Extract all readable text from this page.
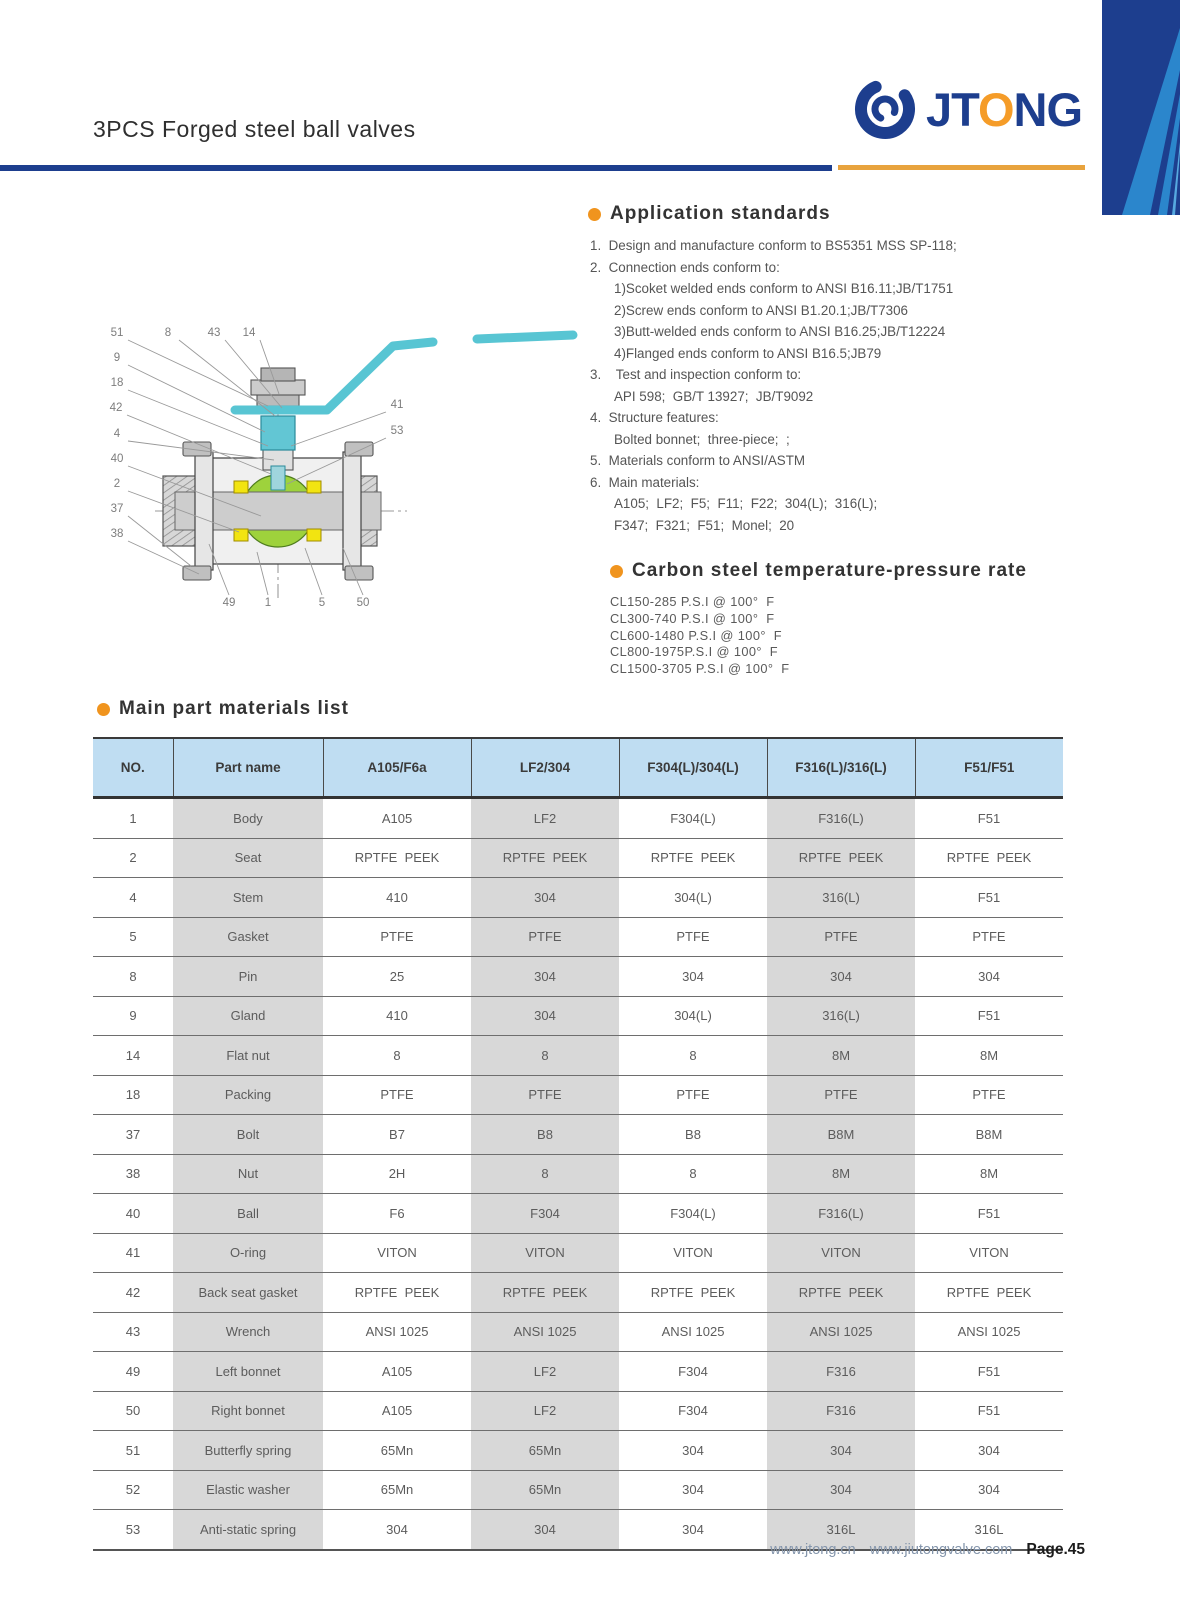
3PCS Forged steel ball valves	JTONG
51	8	43 14
9
18
42
4
40
2
37
38
41
53
49	1	5	50
Application standards
1.  Design and manufacture conform to BS5351 MSS SP-118;
2.  Connection ends conform to:
1)Scoket welded ends conform to ANSI B16.11;JB/T1751
2)Screw ends conform to ANSI B1.20.1;JB/T7306
3)Butt-welded ends conform to ANSI B16.25;JB/T12224
4)Flanged ends conform to ANSI B16.5;JB79
3.    Test and inspection conform to:
API 598;  GB/T 13927;  JB/T9092
4.  Structure features:
Bolted bonnet;  three-piece;  ;
5.  Materials conform to ANSI/ASTM
6.  Main materials:
A105;  LF2;  F5;  F11;  F22;  304(L);  316(L);
F347;  F321;  F51;  Monel;  20
Carbon steel temperature-pressure rate
CL150-285 P.S.I @ 100°  F
CL300-740 P.S.I @ 100°  F
CL600-1480 P.S.I @ 100°  F
CL800-1975P.S.I @ 100°  F
CL1500-3705 P.S.I @ 100°  F
Main part materials list
NO.	Part name	A105/F6a	LF2/304	F304(L)/304(L)	F316(L)/316(L)	F51/F51
1	Body	A105	LF2	F304(L)	F316(L)	F51
2	Seat	RPTFE  PEEK	RPTFE  PEEK	RPTFE  PEEK	RPTFE  PEEK	RPTFE  PEEK
4	Stem	410	304	304(L)	316(L)	F51
5	Gasket	PTFE	PTFE	PTFE	PTFE	PTFE
8	Pin	25	304	304	304	304
9	Gland	410	304	304(L)	316(L)	F51
14	Flat nut	8	8	8	8M	8M
18	Packing	PTFE	PTFE	PTFE	PTFE	PTFE
37	Bolt	B7	B8	B8	B8M	B8M
38	Nut	2H	8	8	8M	8M
40	Ball	F6	F304	F304(L)	F316(L)	F51
41	O-ring	VITON	VITON	VITON	VITON	VITON
42	Back seat gasket	RPTFE  PEEK	RPTFE  PEEK	RPTFE  PEEK	RPTFE  PEEK	RPTFE  PEEK
43	Wrench	ANSI 1025	ANSI 1025	ANSI 1025	ANSI 1025	ANSI 1025
49	Left bonnet	A105	LF2	F304	F316	F51
50	Right bonnet	A105	LF2	F304	F316	F51
51	Butterfly spring	65Mn	65Mn	304	304	304
52	Elastic washer	65Mn	65Mn	304	304	304
53	Anti-static spring	304	304	304	316L	316L
www.jtong.cn www.jiutongvalve.com Page.45
